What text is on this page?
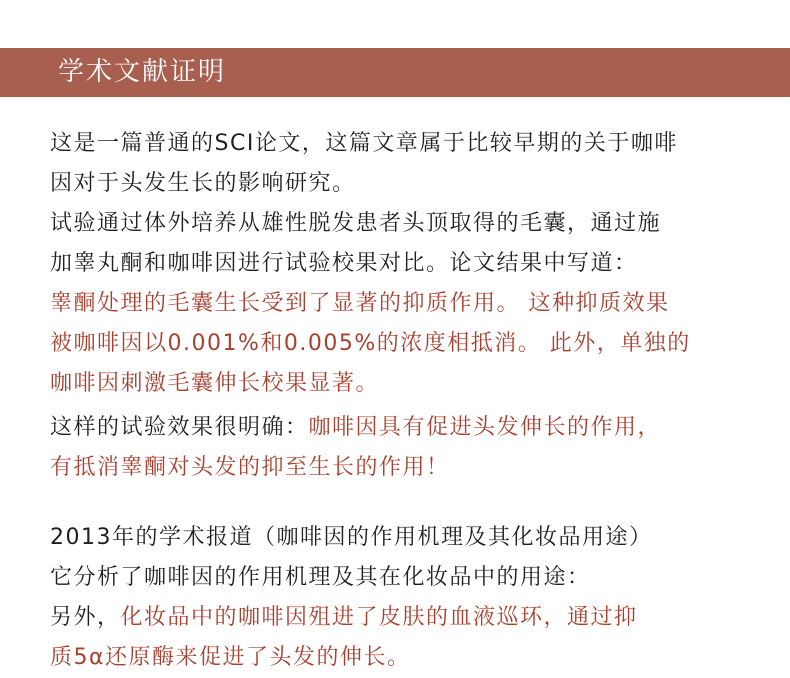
学术文献证明
这是一篇普通的SCI论文，这篇文章属于比较早期的关于咖啡
因对于头发生长的影响研究。
试验通过体外培养从雄性脱发患者头顶取得的毛囊，通过施
加睾丸酮和咖啡因进行试验校果对比。论文结果中写道：
睾酮处理的毛囊生长受到了显著的抑质作用。 这种抑质效果
被咖啡因以0.001%和0.005%的浓度相抵消。 此外，单独的
咖啡因刺激毛囊伸长校果显著。
这样的试验效果很明确：咖啡因具有促进头发伸长的作用，
有抵消睾酮对头发的抑至生长的作用！
2013年的学术报道（咖啡因的作用机理及其化妆品用途）
它分析了咖啡因的作用机理及其在化妆品中的用途：
另外，化妆品中的咖啡因殂进了皮肤的血液巡环，通过抑
质5α还原酶来促进了头发的伸长。
